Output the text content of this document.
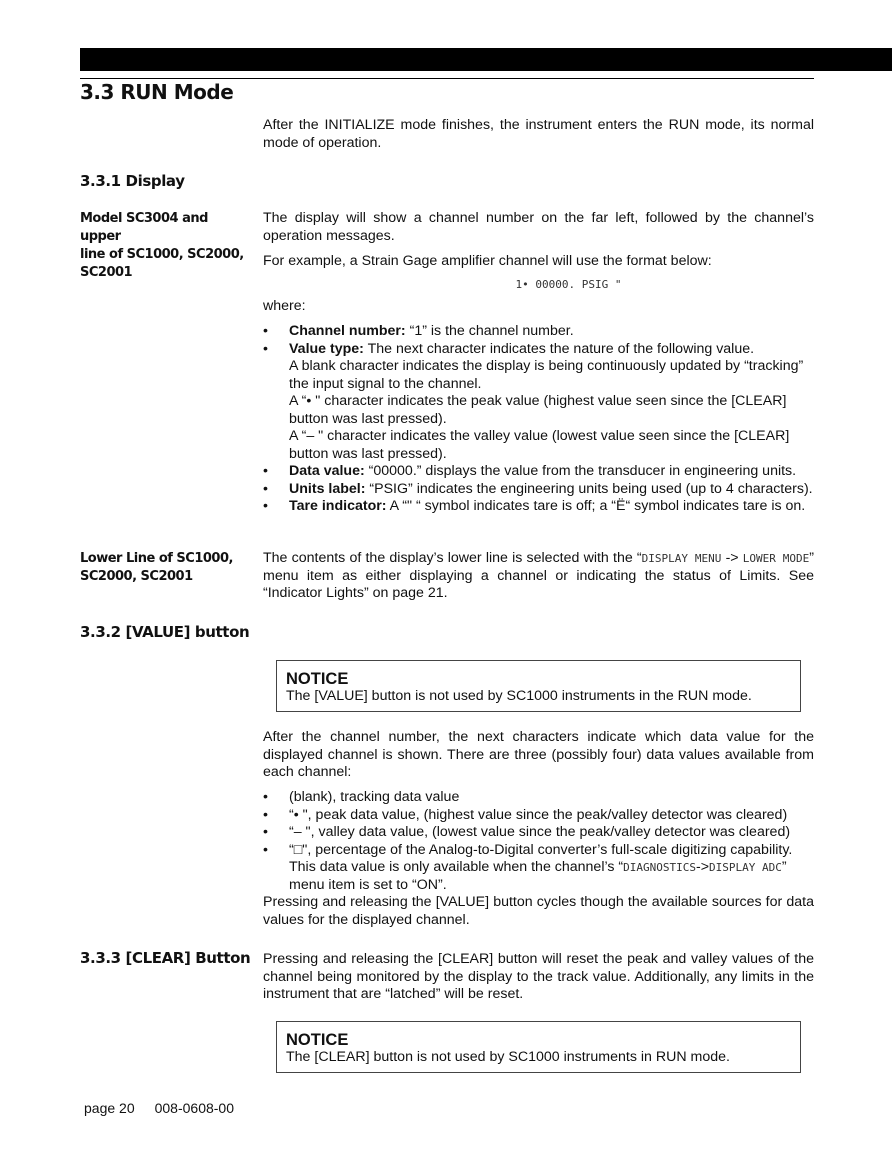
3.3 RUN Mode

After the INITIALIZE mode finishes, the instrument enters the RUN mode, its normal mode of operation.

3.3.1 Display
Model SC3004 and upper
line of SC1000, SC2000,
SC2001

The display will show a channel number on the far left, followed by the channel’s operation messages.

For example, a Strain Gage amplifier channel will use the format below:

1• 00000. PSIG "
where:
• Channel number: “1” is the channel number.
• Value type: The next character indicates the nature of the following value.
A blank character indicates the display is being continuously updated by “tracking” the input signal to the channel.
A “• " character indicates the peak value (highest value seen since the [CLEAR] button was last pressed).
A “– " character indicates the valley value (lowest value seen since the [CLEAR] button was last pressed).
• Data value: “00000.” displays the value from the transducer in engineering units.
• Units label: “PSIG” indicates the engineering units being used (up to 4 characters).
• Tare indicator: A “" “ symbol indicates tare is off; a “Ë“ symbol indicates tare is on.
Lower Line of SC1000,
SC2000, SC2001

The contents of the display’s lower line is selected with the “DISPLAY MENU -> LOWER MODE” menu item as either displaying a channel or indicating the status of Limits. See “Indicator Lights” on page 21.

3.3.2 [VALUE] button
NOTICE
The [VALUE] button is not used by SC1000 instruments in the RUN mode.

After the channel number, the next characters indicate which data value for the displayed channel is shown. There are three (possibly four) data values available from each channel:

• (blank), tracking data value
• “• ", peak data value, (highest value since the peak/valley detector was cleared)
• “– ", valley data value, (lowest value since the peak/valley detector was cleared)
• “□", percentage of the Analog-to-Digital converter’s full-scale digitizing capability. This data value is only available when the channel’s “DIAGNOSTICS->DISPLAY ADC” menu item is set to “ON”.

Pressing and releasing the [VALUE] button cycles though the available sources for data values for the displayed channel.

3.3.3 [CLEAR] Button Pressing and releasing the [CLEAR] button will reset the peak and valley values of the channel being monitored by the display to the track value. Additionally, any limits in the instrument that are “latched” will be reset.

NOTICE
The [CLEAR] button is not used by SC1000 instruments in RUN mode.
page 20 008-0608-00
